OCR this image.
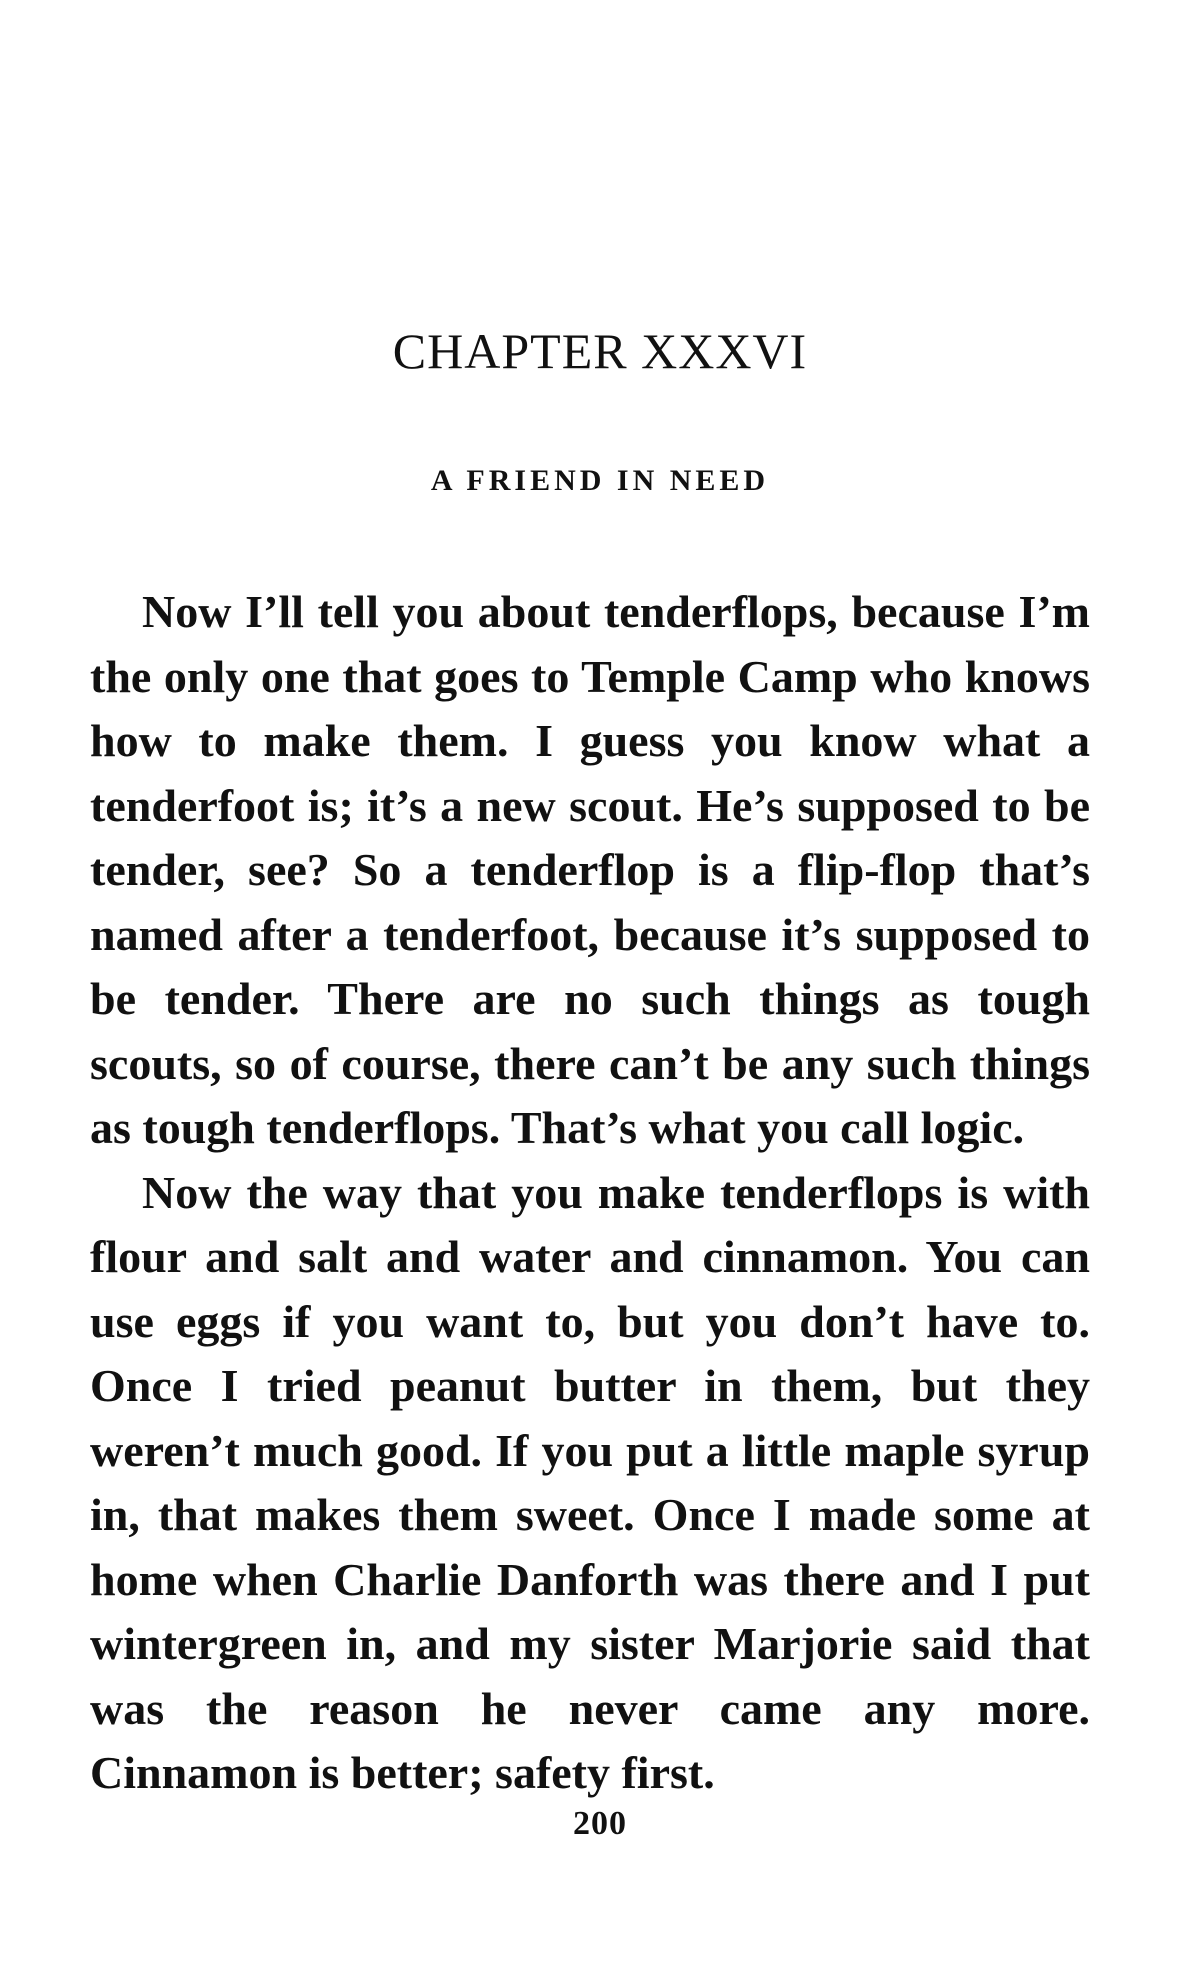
CHAPTER XXXVI
A FRIEND IN NEED

Now I’ll tell you about tenderflops, because I’m the only one that goes to Temple Camp who knows how to make them. I guess you know what a tenderfoot is; it’s a new scout. He’s supposed to be tender, see? So a tenderflop is a flip-flop that’s named after a tenderfoot, because it’s supposed to be tender. There are no such things as tough scouts, so of course, there can’t be any such things as tough tenderflops. That’s what you call logic.

Now the way that you make tenderflops is with flour and salt and water and cinnamon. You can use eggs if you want to, but you don’t have to. Once I tried peanut butter in them, but they weren’t much good. If you put a little maple syrup in, that makes them sweet. Once I made some at home when Charlie Danforth was there and I put wintergreen in, and my sister Marjorie said that was the reason he never came any more. Cinnamon is better; safety first.

200
